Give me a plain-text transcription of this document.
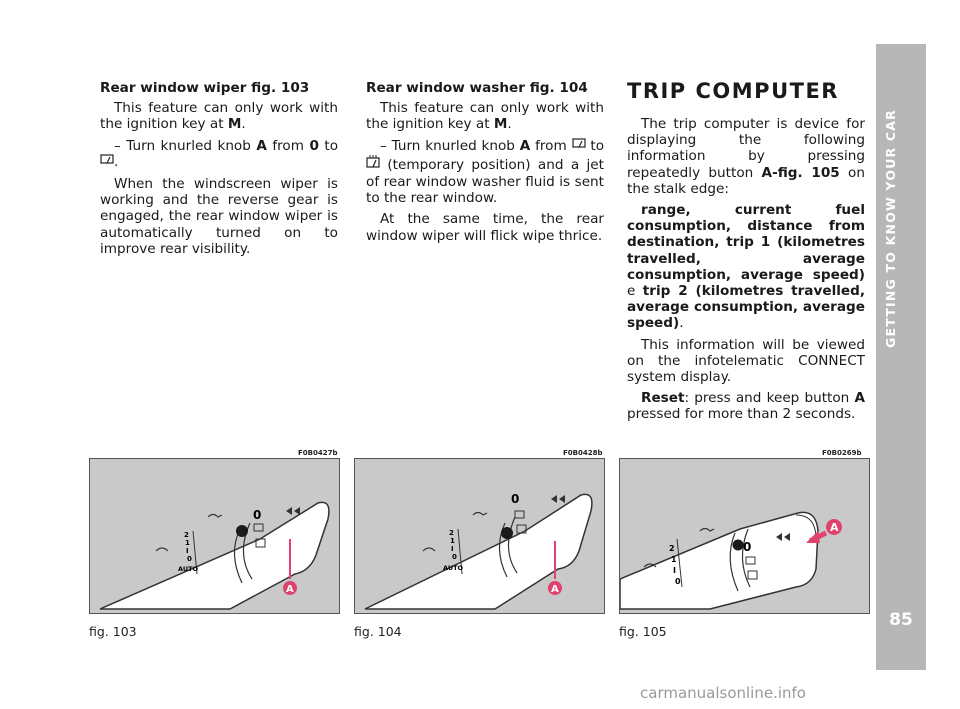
GETTING TO KNOW YOUR CAR
85
Rear window wiper fig. 103

This feature can only work with the ignition key at M.

– Turn knurled knob A from 0 to .

When the windscreen wiper is working and the reverse gear is engaged, the rear window wiper is automatically turned on to improve rear visibility.

Rear window washer fig. 104

This feature can only work with the ignition key at M.

– Turn knurled knob A from  to  (temporary position) and a jet of rear window washer fluid is sent to the rear window.

At the same time, the rear window wiper will flick wipe thrice.

TRIP COMPUTER

The trip computer is device for displaying the following information by pressing repeatedly button A-fig. 105 on the stalk edge:

range, current fuel consumption, distance from destination, trip 1 (kilometres travelled, average consumption, average speed) e trip 2 (kilometres travelled, average consumption, average speed).

This information will be viewed on the infotelematic CONNECT system display.

Reset: press and keep button A pressed for more than 2 seconds.

F0B0427b
0
2
1
I
0
AUTO
A
fig. 103
F0B0428b
0
2
1
I
0
AUTO
A
fig. 104
F0B0269b
0
2
1
I
0
A
fig. 105
carmanualsonline.info
